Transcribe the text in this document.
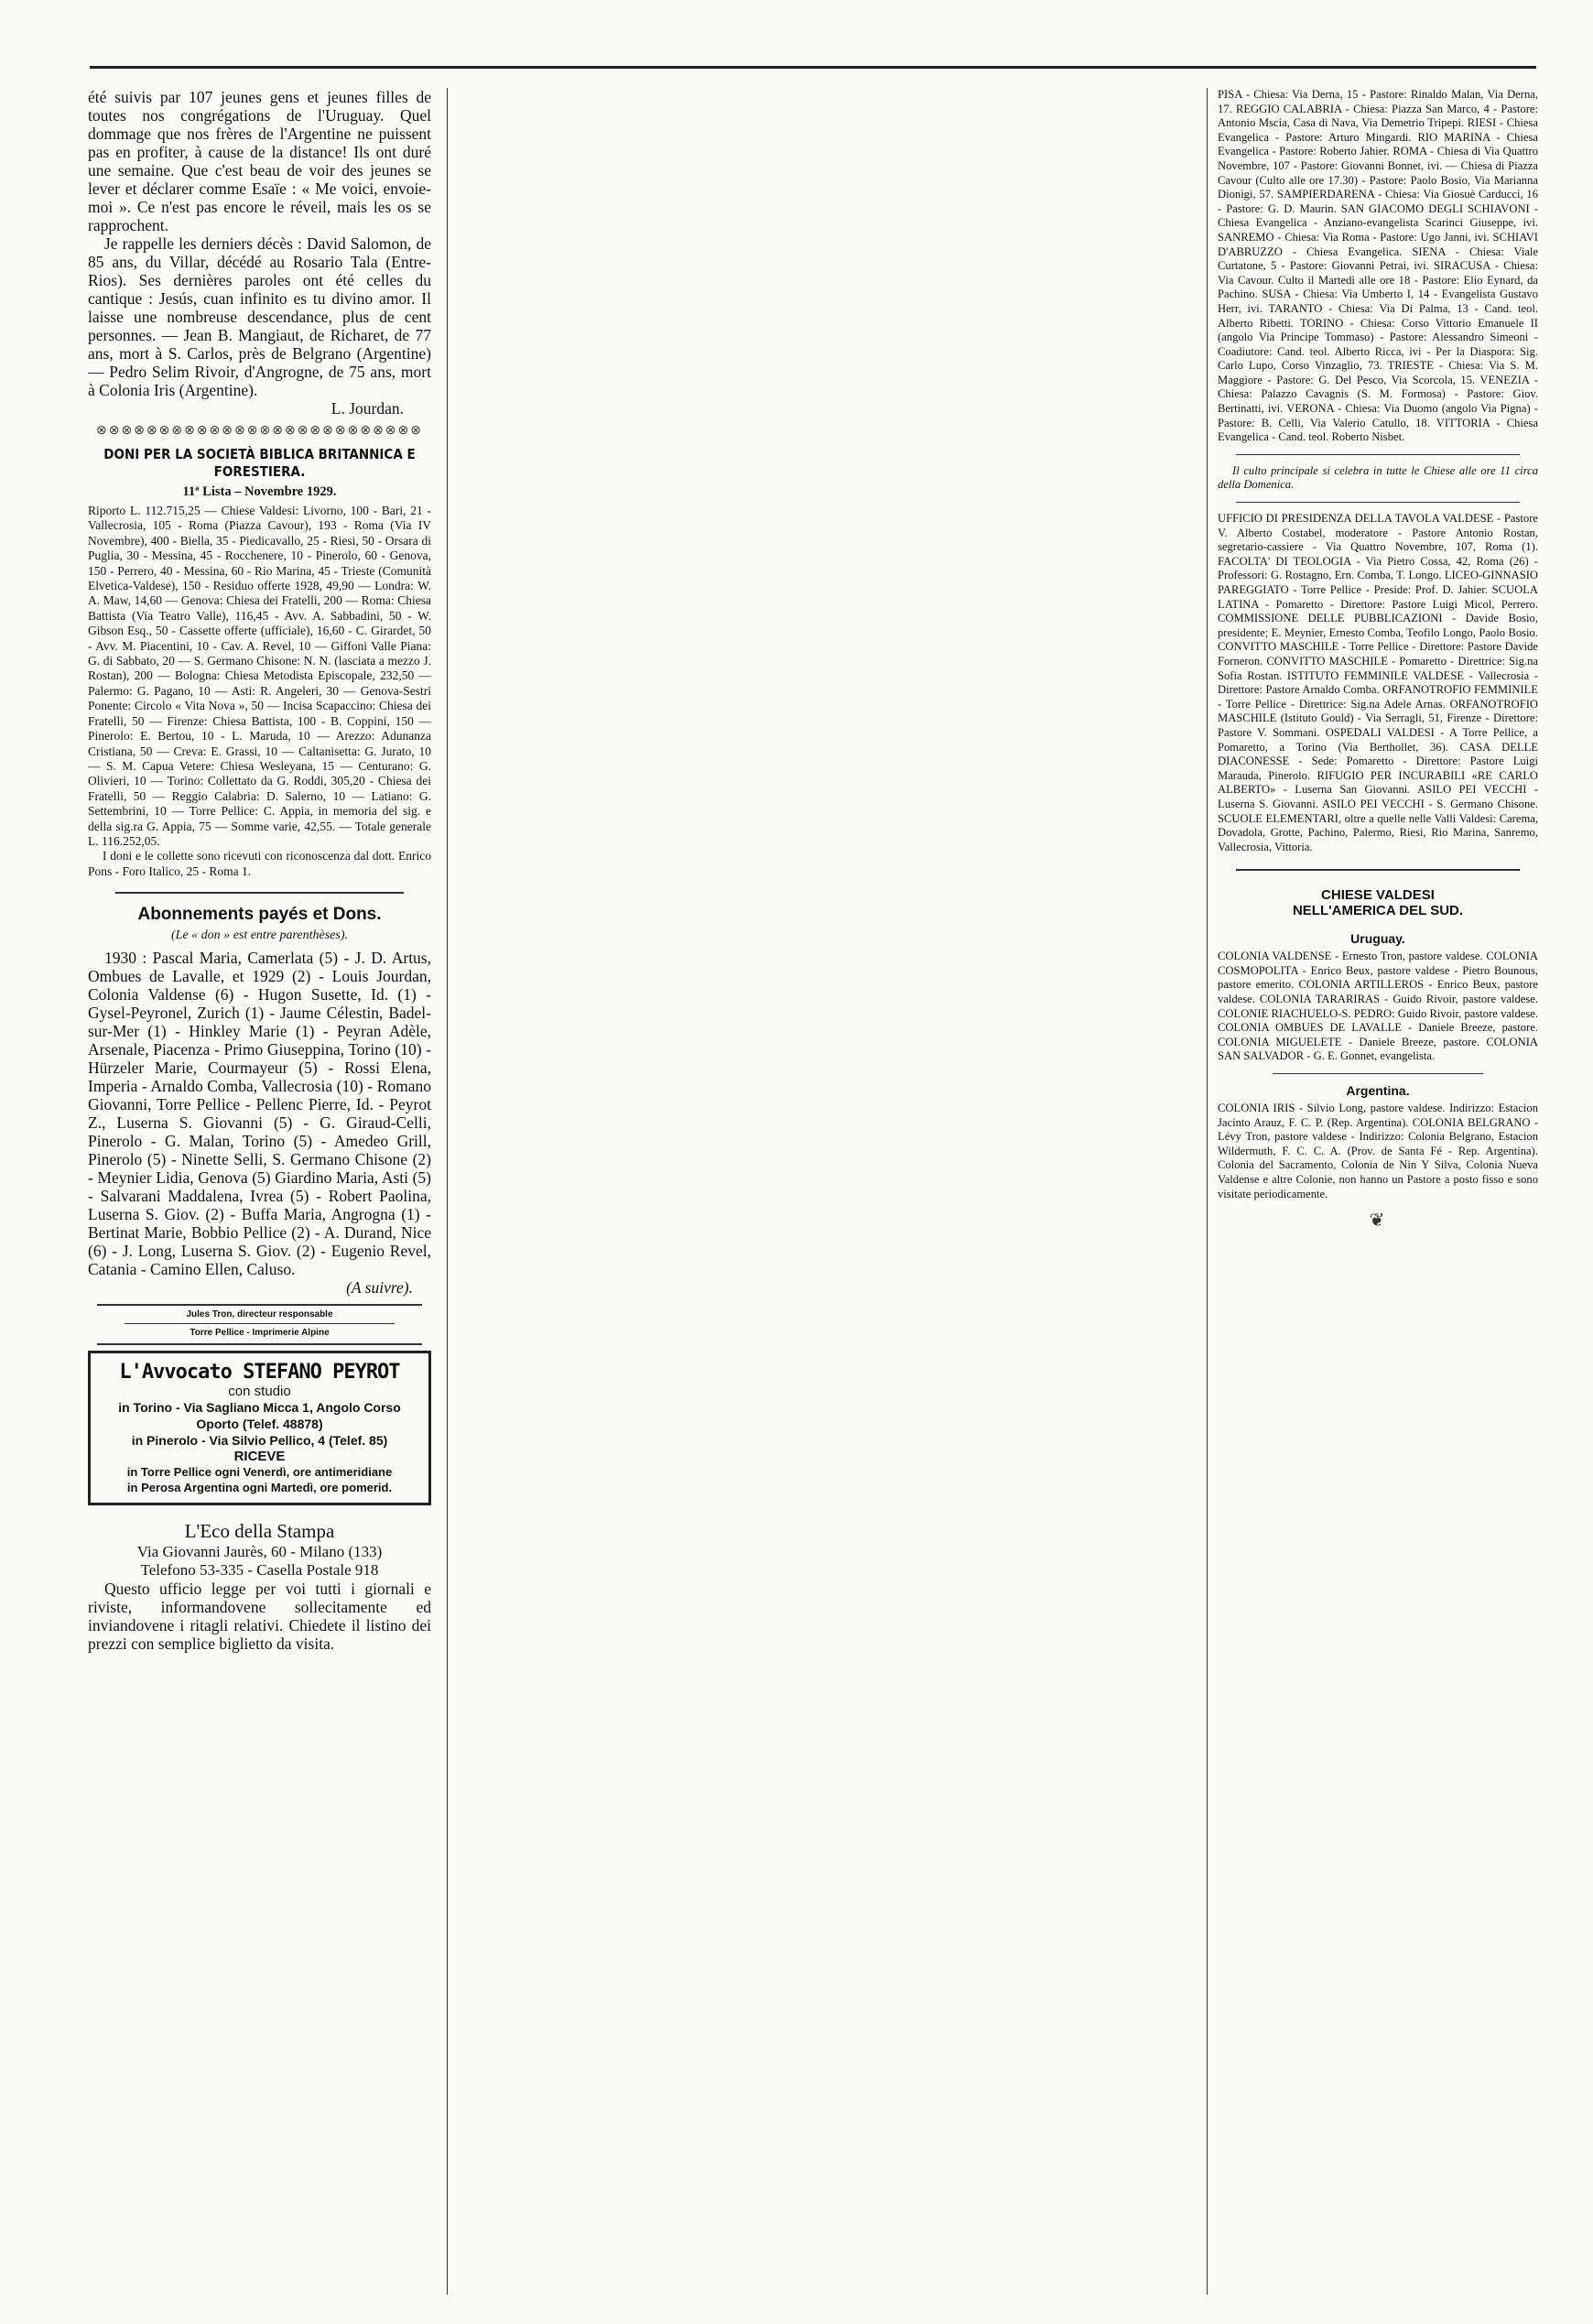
été suivis par 107 jeunes gens et jeunes filles de toutes nos congrégations de l'Uruguay. Quel dommage que nos frères de l'Argentine ne puissent pas en profiter, à cause de la distance! Ils ont duré une semaine. Que c'est beau de voir des jeunes se lever et déclarer comme Esaïe : « Me voici, envoie-moi ». Ce n'est pas encore le réveil, mais les os se rapprochent.

Je rappelle les derniers décès : David Salomon, de 85 ans, du Villar, décédé au Rosario Tala (Entre-Rios). Ses dernières paroles ont été celles du cantique : Jesús, cuan infinito es tu divino amor. Il laisse une nombreuse descendance, plus de cent personnes. — Jean B. Mangiaut, de Richaret, de 77 ans, mort à S. Carlos, près de Belgrano (Argentine) — Pedro Selim Rivoir, d'Angrogne, de 75 ans, mort à Colonia Iris (Argentine).

L. Jourdan.

⊗⊗⊗⊗⊗⊗⊗⊗⊗⊗⊗⊗⊗⊗⊗⊗⊗⊗⊗⊗⊗⊗⊗⊗⊗⊗

DONI PER LA SOCIETÀ BIBLICA BRITANNICA E FORESTIERA.

11ª Lista – Novembre 1929.

Riporto L. 112.715,25 — Chiese Valdesi: Livorno, 100 - Bari, 21 - Vallecrosia, 105 - Roma (Piazza Cavour), 193 - Roma (Via IV Novembre), 400 - Biella, 35 - Piedicavallo, 25 - Riesi, 50 - Orsara di Puglia, 30 - Messina, 45 - Rocchenere, 10 - Pinerolo, 60 - Genova, 150 - Perrero, 40 - Messina, 60 - Rio Marina, 45 - Trieste (Comunità Elvetica-Valdese), 150 - Residuo offerte 1928, 49,90 — Londra: W. A. Maw, 14,60 — Genova: Chiesa dei Fratelli, 200 — Roma: Chiesa Battista (Via Teatro Valle), 116,45 - Avv. A. Sabbadini, 50 - W. Gibson Esq., 50 - Cassette offerte (ufficiale), 16,60 - C. Girardet, 50 - Avv. M. Piacentini, 10 - Cav. A. Revel, 10 — Giffoni Valle Piana: G. di Sabbato, 20 — S. Germano Chisone: N. N. (lasciata a mezzo J. Rostan), 200 — Bologna: Chiesa Metodista Episcopale, 232,50 — Palermo: G. Pagano, 10 — Asti: R. Angeleri, 30 — Genova-Sestri Ponente: Circolo « Vita Nova », 50 — Incisa Scapaccino: Chiesa dei Fratelli, 50 — Firenze: Chiesa Battista, 100 - B. Coppini, 150 — Pinerolo: E. Bertou, 10 - L. Maruda, 10 — Arezzo: Adunanza Cristiana, 50 — Creva: E. Grassi, 10 — Caltanisetta: G. Jurato, 10 — S. M. Capua Vetere: Chiesa Wesleyana, 15 — Centurano: G. Olivieri, 10 — Torino: Collettato da G. Roddi, 305,20 - Chiesa dei Fratelli, 50 — Reggio Calabria: D. Salerno, 10 — Latiano: G. Settembrini, 10 — Torre Pellice: C. Appia, in memoria del sig. e della sig.ra G. Appia, 75 — Somme varie, 42,55. — Totale generale L. 116.252,05.

I doni e le collette sono ricevuti con riconoscenza dal dott. Enrico Pons - Foro Italico, 25 - Roma 1.

Abonnements payés et Dons.

(Le « don » est entre parenthèses).

1930 : Pascal Maria, Camerlata (5) - J. D. Artus, Ombues de Lavalle, et 1929 (2) - Louis Jourdan, Colonia Valdense (6) - Hugon Susette, Id. (1) - Gysel-Peyronel, Zurich (1) - Jaume Célestin, Badel-sur-Mer (1) - Hinkley Marie (1) - Peyran Adèle, Arsenale, Piacenza - Primo Giuseppina, Torino (10) - Hürzeler Marie, Courmayeur (5) - Rossi Elena, Imperia - Arnaldo Comba, Vallecrosia (10) - Romano Giovanni, Torre Pellice - Pellenc Pierre, Id. - Peyrot Z., Luserna S. Giovanni (5) - G. Giraud-Celli, Pinerolo - G. Malan, Torino (5) - Amedeo Grill, Pinerolo (5) - Ninette Selli, S. Germano Chisone (2) - Meynier Lidia, Genova (5) Giardino Maria, Asti (5) - Salvarani Maddalena, Ivrea (5) - Robert Paolina, Luserna S. Giov. (2) - Buffa Maria, Angrogna (1) - Bertinat Marie, Bobbio Pellice (2) - A. Durand, Nice (6) - J. Long, Luserna S. Giov. (2) - Eugenio Revel, Catania - Camino Ellen, Caluso.

(A suivre).

Jules Tron, directeur responsable

Torre Pellice - Imprimerie Alpine

L'Avvocato STEFANO PEYROT

con studio

in Torino - Via Sagliano Micca 1, Angolo Corso Oporto (Telef. 48878)

in Pinerolo - Via Silvio Pellico, 4 (Telef. 85)

RICEVE

in Torre Pellice ogni Venerdì, ore antimeridiane

in Perosa Argentina ogni Martedì, ore pomerid.

L'Eco della Stampa

Via Giovanni Jaurès, 60 - Milano (133)

Telefono 53-335 - Casella Postale 918

Questo ufficio legge per voi tutti i giornali e riviste, informandovene sollecitamente ed inviandovene i ritagli relativi. Chiedete il listino dei prezzi con semplice biglietto da visita.

PISA - Chiesa: Via Derna, 15 - Pastore: Rinaldo Malan, Via Derna, 17. REGGIO CALABRIA - Chiesa: Piazza San Marco, 4 - Pastore: Antonio Mscia, Casa di Nava, Via Demetrio Tripepi. RIESI - Chiesa Evangelica - Pastore: Arturo Mingardi. RIO MARINA - Chiesa Evangelica - Pastore: Roberto Jahier. ROMA - Chiesa di Via Quattro Novembre, 107 - Pastore: Giovanni Bonnet, ivi. — Chiesa di Piazza Cavour (Culto alle ore 17.30) - Pastore: Paolo Bosio, Via Marianna Dionigi, 57. SAMPIERDARENA - Chiesa: Via Giosuè Carducci, 16 - Pastore: G. D. Maurin. SAN GIACOMO DEGLI SCHIAVONI - Chiesa Evangelica - Anziano-evangelista Scarinci Giuseppe, ivi. SANREMO - Chiesa: Via Roma - Pastore: Ugo Janni, ivi. SCHIAVI D'ABRUZZO - Chiesa Evangelica. SIENA - Chiesa: Viale Curtatone, 5 - Pastore: Giovanni Petrai, ivi. SIRACUSA - Chiesa: Via Cavour. Culto il Martedì alle ore 18 - Pastore: Elio Eynard, da Pachino. SUSA - Chiesa: Via Umberto I, 14 - Evangelista Gustavo Herr, ivi. TARANTO - Chiesa: Via Di Palma, 13 - Cand. teol. Alberto Ribetti. TORINO - Chiesa: Corso Vittorio Emanuele II (angolo Via Principe Tommaso) - Pastore: Alessandro Simeoni - Coadiutore: Cand. teol. Alberto Ricca, ivi - Per la Diaspora: Sig. Carlo Lupo, Corso Vinzaglio, 73. TRIESTE - Chiesa: Via S. M. Maggiore - Pastore: G. Del Pesco, Via Scorcola, 15. VENEZIA - Chiesa: Palazzo Cavagnis (S. M. Formosa) - Pastore: Giov. Bertinatti, ivi. VERONA - Chiesa: Via Duomo (angolo Via Pigna) - Pastore: B. Celli, Via Valerio Catullo, 18. VITTORIA - Chiesa Evangelica - Cand. teol. Roberto Nisbet.

Il culto principale si celebra in tutte le Chiese alle ore 11 circa della Domenica.

UFFICIO DI PRESIDENZA DELLA TAVOLA VALDESE - Pastore V. Alberto Costabel, moderatore - Pastore Antonio Rostan, segretario-cassiere - Via Quattro Novembre, 107, Roma (1). FACOLTA' DI TEOLOGIA - Via Pietro Cossa, 42, Roma (26) - Professori: G. Rostagno, Ern. Comba, T. Longo. LICEO-GINNASIO PAREGGIATO - Torre Pellice - Preside: Prof. D. Jahier. SCUOLA LATINA - Pomaretto - Direttore: Pastore Luigi Micol, Perrero. COMMISSIONE DELLE PUBBLICAZIONI - Davide Bosio, presidente; E. Meynier, Ernesto Comba, Teofilo Longo, Paolo Bosio. CONVITTO MASCHILE - Torre Pellice - Direttore: Pastore Davide Forneron. CONVITTO MASCHILE - Pomaretto - Direttrice: Sig.na Sofia Rostan. ISTITUTO FEMMINILE VALDESE - Vallecrosia - Direttore: Pastore Arnaldo Comba. ORFANOTROFIO FEMMINILE - Torre Pellice - Direttrice: Sig.na Adele Arnas. ORFANOTROFIO MASCHILE (Istituto Gould) - Via Serragli, 51, Firenze - Direttore: Pastore V. Sommani. OSPEDALI VALDESI - A Torre Pellice, a Pomaretto, a Torino (Via Berthollet, 36). CASA DELLE DIACONESSE - Sede: Pomaretto - Direttore: Pastore Luigi Marauda, Pinerolo. RIFUGIO PER INCURABILI «RE CARLO ALBERTO» - Luserna San Giovanni. ASILO PEI VECCHI - Luserna S. Giovanni. ASILO PEI VECCHI - S. Germano Chisone. SCUOLE ELEMENTARI, oltre a quelle nelle Valli Valdesi: Carema, Dovadola, Grotte, Pachino, Palermo, Riesi, Rio Marina, Sanremo, Vallecrosia, Vittoria.

CHIESE VALDESI

NELL'AMERICA DEL SUD.

Uruguay.

COLONIA VALDENSE - Ernesto Tron, pastore valdese. COLONIA COSMOPOLITA - Enrico Beux, pastore valdese - Pietro Bounous, pastore emerito. COLONIA ARTILLEROS - Enrico Beux, pastore valdese. COLONIA TARARIRAS - Guido Rivoir, pastore valdese. COLONIE RIACHUELO-S. PEDRO: Guido Rivoir, pastore valdese. COLONIA OMBUES DE LAVALLE - Daniele Breeze, pastore. COLONIA MIGUELETE - Daniele Breeze, pastore. COLONIA SAN SALVADOR - G. E. Gonnet, evangelista.

Argentina.

COLONIA IRIS - Silvio Long, pastore valdese. Indirizzo: Estacion Jacinto Arauz, F. C. P. (Rep. Argentina). COLONIA BELGRANO - Lévy Tron, pastore valdese - Indirizzo: Colonia Belgrano, Estacion Wildermuth, F. C. C. A. (Prov. de Santa Fé - Rep. Argentina). Colonia del Sacramento, Colonia de Nin Y Silva, Colonia Nueva Valdense e altre Colonie, non hanno un Pastore a posto fisso e sono visitate periodicamente.

❦
